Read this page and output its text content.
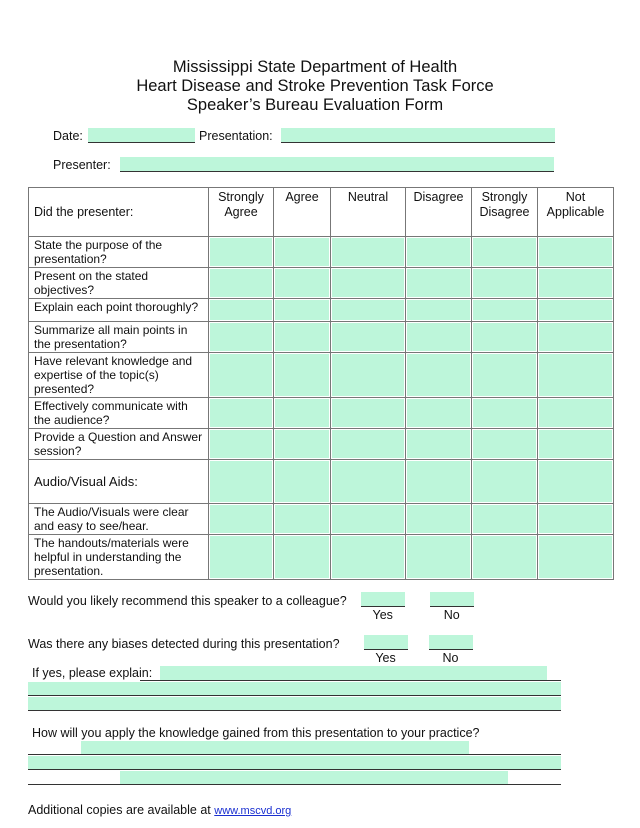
Mississippi State Department of Health
Heart Disease and Stroke Prevention Task Force
Speaker’s Bureau Evaluation Form
Date:	Presentation:
Presenter:
Did the presenter:	Strongly Agree	Agree	Neutral	Disagree	Strongly Disagree	Not Applicable
State the purpose of the presentation?	

Present on the stated objectives?	

Explain each point thoroughly?	

Summarize all main points in the presentation?	

Have relevant knowledge and expertise of the topic(s) presented?	

Effectively communicate with the audience?	

Provide a Question and Answer session?	

Audio/Visual Aids:	

The Audio/Visuals were clear and easy to see/hear.	

The handouts/materials were helpful in understanding the presentation.	

Would you likely recommend this speaker to a colleague?
Yes	No
Was there any biases detected during this presentation?
Yes	No
If yes, please explain:
How will you apply the knowledge gained from this presentation to your practice?
Additional copies are available at www.mscvd.org
